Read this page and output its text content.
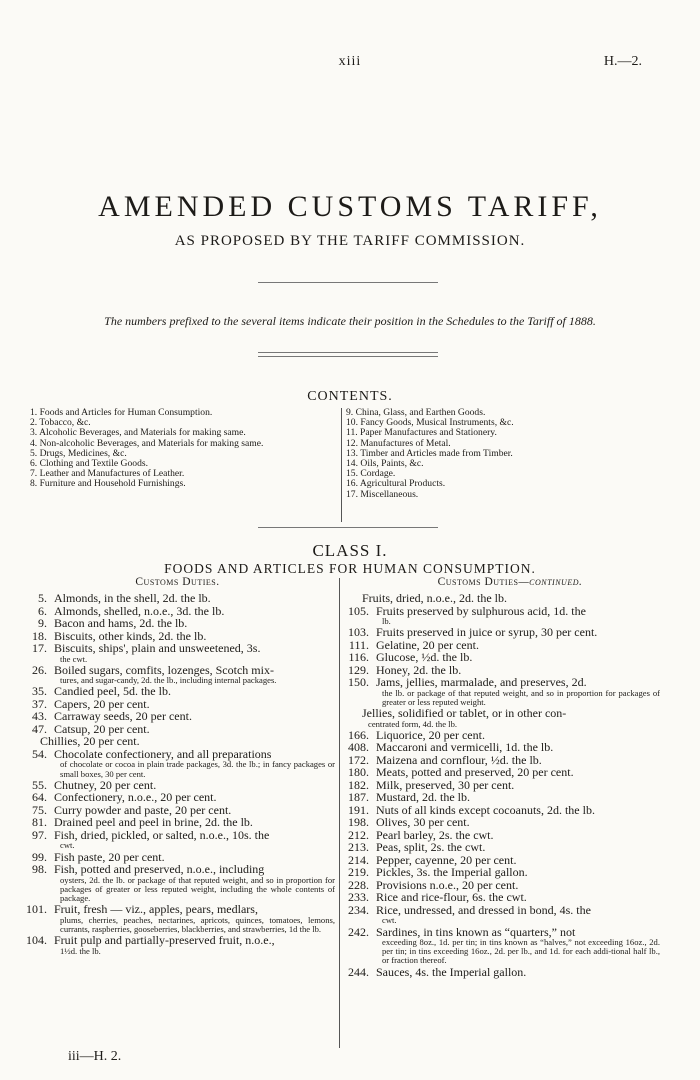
xiii	H.—2.
AMENDED CUSTOMS TARIFF,
AS PROPOSED BY THE TARIFF COMMISSION.
The numbers prefixed to the several items indicate their position in the Schedules to the Tariff of 1888.
CONTENTS.
1. Foods and Articles for Human Consumption.
2. Tobacco, &c.
3. Alcoholic Beverages, and Materials for making same.
4. Non-alcoholic Beverages, and Materials for making same.
5. Drugs, Medicines, &c.
6. Clothing and Textile Goods.
7. Leather and Manufactures of Leather.
8. Furniture and Household Furnishings.
9. China, Glass, and Earthen Goods.
10. Fancy Goods, Musical Instruments, &c.
11. Paper Manufactures and Stationery.
12. Manufactures of Metal.
13. Timber and Articles made from Timber.
14. Oils, Paints, &c.
15. Cordage.
16. Agricultural Products.
17. Miscellaneous.
CLASS I.
FOODS AND ARTICLES FOR HUMAN CONSUMPTION.
Customs Duties.	Customs Duties—continued.
5. Almonds, in the shell, 2d. the lb.
6. Almonds, shelled, n.o.e., 3d. the lb.
9. Bacon and hams, 2d. the lb.
18. Biscuits, other kinds, 2d. the lb.
17. Biscuits, ships', plain and unsweetened, 3s.
the cwt.
26. Boiled sugars, comfits, lozenges, Scotch mix-
tures, and sugar-candy, 2d. the lb., including internal packages.
35. Candied peel, 5d. the lb.
37. Capers, 20 per cent.
43. Carraway seeds, 20 per cent.
47. Catsup, 20 per cent.
Chillies, 20 per cent.
54. Chocolate confectionery, and all preparations
of chocolate or cocoa in plain trade packages, 3d. the lb.; in fancy packages or small boxes, 30 per cent.
55. Chutney, 20 per cent.
64. Confectionery, n.o.e., 20 per cent.
75. Curry powder and paste, 20 per cent.
81. Drained peel and peel in brine, 2d. the lb.
97. Fish, dried, pickled, or salted, n.o.e., 10s. the
cwt.
99. Fish paste, 20 per cent.
98. Fish, potted and preserved, n.o.e., including
oysters, 2d. the lb. or package of that reputed weight, and so in proportion for packages of greater or less reputed weight, including the whole contents of package.
101. Fruit, fresh — viz., apples, pears, medlars,
plums, cherries, peaches, nectarines, apricots, quinces, tomatoes, lemons, currants, raspberries, gooseberries, blackberries, and strawberries, 1d the lb.
104. Fruit pulp and partially-preserved fruit, n.o.e.,
1½d. the lb.
Fruits, dried, n.o.e., 2d. the lb.
105. Fruits preserved by sulphurous acid, 1d. the
lb.
103. Fruits preserved in juice or syrup, 30 per cent.
111. Gelatine, 20 per cent.
116. Glucose, ½d. the lb.
129. Honey, 2d. the lb.
150. Jams, jellies, marmalade, and preserves, 2d.
the lb. or package of that reputed weight, and so in proportion for packages of greater or less reputed weight.
Jellies, solidified or tablet, or in other con-
centrated form, 4d. the lb.
166. Liquorice, 20 per cent.
408. Maccaroni and vermicelli, 1d. the lb.
172. Maizena and cornflour, ½d. the lb.
180. Meats, potted and preserved, 20 per cent.
182. Milk, preserved, 30 per cent.
187. Mustard, 2d. the lb.
191. Nuts of all kinds except cocoanuts, 2d. the lb.
198. Olives, 30 per cent.
212. Pearl barley, 2s. the cwt.
213. Peas, split, 2s. the cwt.
214. Pepper, cayenne, 20 per cent.
219. Pickles, 3s. the Imperial gallon.
228. Provisions n.o.e., 20 per cent.
233. Rice and rice-flour, 6s. the cwt.
234. Rice, undressed, and dressed in bond, 4s. the
cwt.
242. Sardines, in tins known as “quarters,” not
exceeding 8oz., 1d. per tin; in tins known as “halves,” not exceeding 16oz., 2d. per tin; in tins exceeding 16oz., 2d. per lb., and 1d. for each addi-tional half lb., or fraction thereof.
244. Sauces, 4s. the Imperial gallon.
iii—H. 2.
